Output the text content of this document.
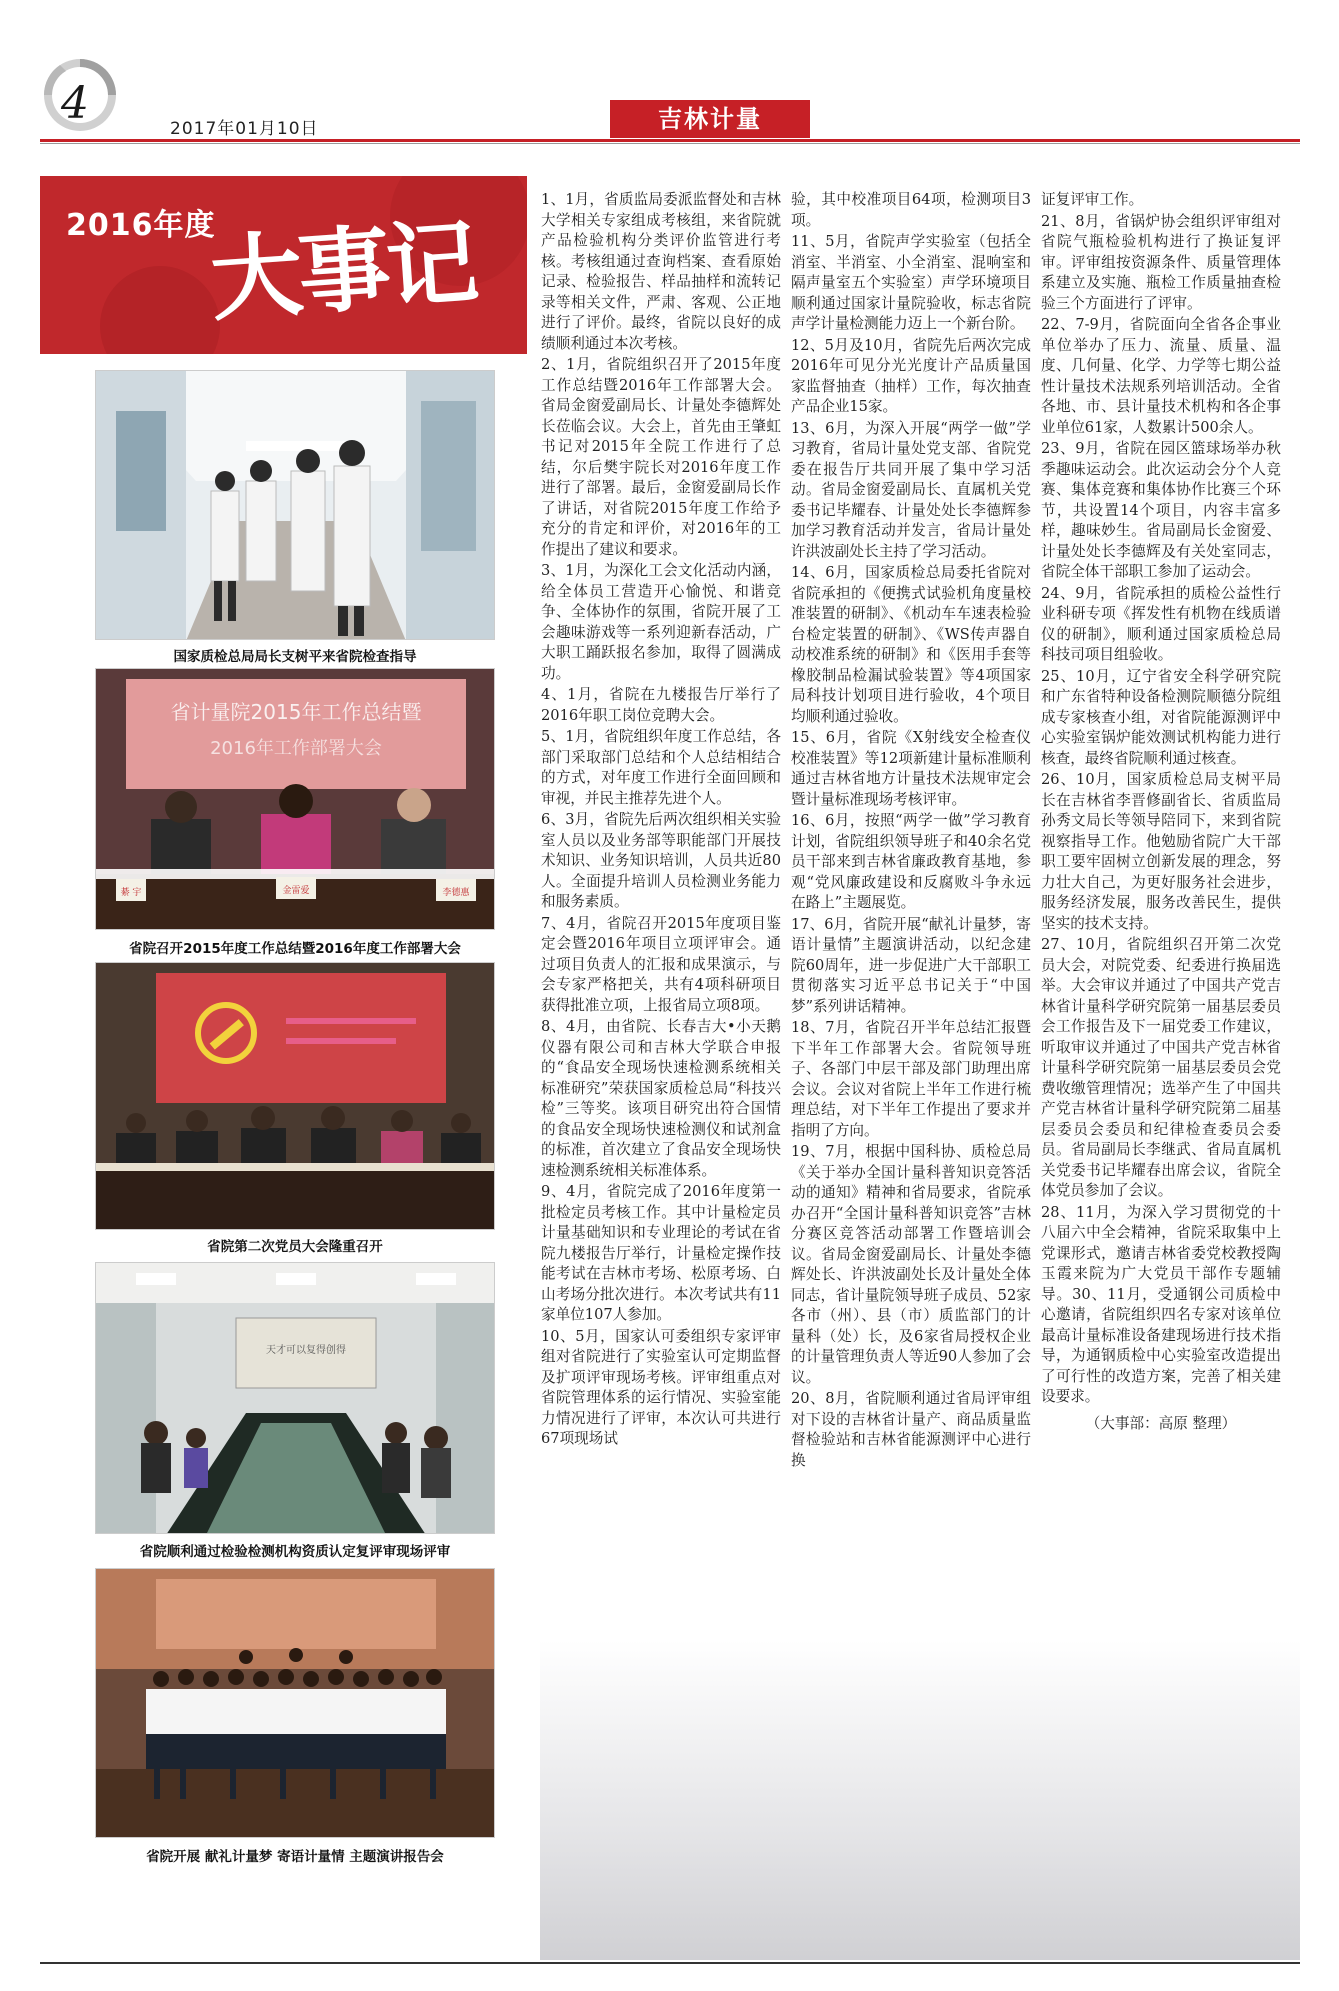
4	2017年01月10日	吉林计量
2016年度
大事记
国家质检总局局长支树平来省院检查指导
省计量院2015年工作总结暨
2016年工作部署大会
綦 宇	金雷爱	李德惠
省院召开2015年度工作总结暨2016年度工作部署大会
省院第二次党员大会隆重召开
天才可以复得创得
省院顺利通过检验检测机构资质认定复评审现场评审
省院开展 献礼计量梦 寄语计量情 主题演讲报告会

1、1月，省质监局委派监督处和吉林大学相关专家组成考核组，来省院就产品检验机构分类评价监管进行考核。考核组通过查询档案、查看原始记录、检验报告、样品抽样和流转记录等相关文件，严肃、客观、公正地进行了评价。最终，省院以良好的成绩顺利通过本次考核。

2、1月，省院组织召开了2015年度工作总结暨2016年工作部署大会。省局金窗爱副局长、计量处李德辉处长莅临会议。大会上，首先由王肇虹书记对2015年全院工作进行了总结，尔后樊宇院长对2016年度工作进行了部署。最后，金窗爱副局长作了讲话，对省院2015年度工作给予充分的肯定和评价，对2016年的工作提出了建议和要求。

3、1月，为深化工会文化活动内涵，给全体员工营造开心愉悦、和谐竞争、全体协作的氛围，省院开展了工会趣味游戏等一系列迎新春活动，广大职工踊跃报名参加，取得了圆满成功。

4、1月，省院在九楼报告厅举行了2016年职工岗位竞聘大会。

5、1月，省院组织年度工作总结，各部门采取部门总结和个人总结相结合的方式，对年度工作进行全面回顾和审视，并民主推荐先进个人。

6、3月，省院先后两次组织相关实验室人员以及业务部等职能部门开展技术知识、业务知识培训，人员共近80人。全面提升培训人员检测业务能力和服务素质。

7、4月，省院召开2015年度项目鉴定会暨2016年项目立项评审会。通过项目负责人的汇报和成果演示，与会专家严格把关，共有4项科研项目获得批准立项，上报省局立项8项。

8、4月，由省院、长春吉大•小天鹅仪器有限公司和吉林大学联合申报的“食品安全现场快速检测系统相关标准研究”荣获国家质检总局“科技兴检”三等奖。该项目研究出符合国情的食品安全现场快速检测仪和试剂盒的标准，首次建立了食品安全现场快速检测系统相关标准体系。

9、4月，省院完成了2016年度第一批检定员考核工作。其中计量检定员计量基础知识和专业理论的考试在省院九楼报告厅举行，计量检定操作技能考试在吉林市考场、松原考场、白山考场分批次进行。本次考试共有11家单位107人参加。

10、5月，国家认可委组织专家评审组对省院进行了实验室认可定期监督及扩项评审现场考核。评审组重点对省院管理体系的运行情况、实验室能力情况进行了评审，本次认可共进行67项现场试

验，其中校准项目64项，检测项目3项。

11、5月，省院声学实验室（包括全消室、半消室、小全消室、混响室和隔声量室五个实验室）声学环境项目顺利通过国家计量院验收，标志省院声学计量检测能力迈上一个新台阶。

12、5月及10月，省院先后两次完成2016年可见分光光度计产品质量国家监督抽查（抽样）工作，每次抽查产品企业15家。

13、6月，为深入开展“两学一做”学习教育，省局计量处党支部、省院党委在报告厅共同开展了集中学习活动。省局金窗爱副局长、直属机关党委书记毕耀春、计量处处长李德辉参加学习教育活动并发言，省局计量处许洪波副处长主持了学习活动。

14、6月，国家质检总局委托省院对省院承担的《便携式试验机角度量校准装置的研制》、《机动车车速表检验台检定装置的研制》、《WS传声器自动校准系统的研制》和《医用手套等橡胶制品检漏试验装置》等4项国家局科技计划项目进行验收，4个项目均顺利通过验收。

15、6月，省院《X射线安全检查仪校准装置》等12项新建计量标准顺利通过吉林省地方计量技术法规审定会暨计量标准现场考核评审。

16、6月，按照“两学一做”学习教育计划，省院组织领导班子和40余名党员干部来到吉林省廉政教育基地，参观“党风廉政建设和反腐败斗争永远在路上”主题展览。

17、6月，省院开展“献礼计量梦，寄语计量情”主题演讲活动，以纪念建院60周年，进一步促进广大干部职工贯彻落实习近平总书记关于“中国梦”系列讲话精神。

18、7月，省院召开半年总结汇报暨下半年工作部署大会。省院领导班子、各部门中层干部及部门助理出席会议。会议对省院上半年工作进行梳理总结，对下半年工作提出了要求并指明了方向。

19、7月，根据中国科协、质检总局《关于举办全国计量科普知识竞答活动的通知》精神和省局要求，省院承办召开“全国计量科普知识竞答”吉林分赛区竞答活动部署工作暨培训会议。省局金窗爱副局长、计量处李德辉处长、许洪波副处长及计量处全体同志，省计量院领导班子成员、52家各市（州）、县（市）质监部门的计量科（处）长，及6家省局授权企业的计量管理负责人等近90人参加了会议。

20、8月，省院顺利通过省局评审组对下设的吉林省计量产、商品质量监督检验站和吉林省能源测评中心进行换

证复评审工作。

21、8月，省锅炉协会组织评审组对省院气瓶检验机构进行了换证复评审。评审组按资源条件、质量管理体系建立及实施、瓶检工作质量抽查检验三个方面进行了评审。

22、7-9月，省院面向全省各企事业单位举办了压力、流量、质量、温度、几何量、化学、力学等七期公益性计量技术法规系列培训活动。全省各地、市、县计量技术机构和各企事业单位61家，人数累计500余人。

23、9月，省院在园区篮球场举办秋季趣味运动会。此次运动会分个人竞赛、集体竞赛和集体协作比赛三个环节，共设置14个项目，内容丰富多样，趣味妙生。省局副局长金窗爱、计量处处长李德辉及有关处室同志，省院全体干部职工参加了运动会。

24、9月，省院承担的质检公益性行业科研专项《挥发性有机物在线质谱仪的研制》，顺利通过国家质检总局科技司项目组验收。

25、10月，辽宁省安全科学研究院和广东省特种设备检测院顺德分院组成专家核查小组，对省院能源测评中心实验室锅炉能效测试机构能力进行核查，最终省院顺利通过核查。

26、10月，国家质检总局支树平局长在吉林省李晋修副省长、省质监局孙秀文局长等领导陪同下，来到省院视察指导工作。他勉励省院广大干部职工要牢固树立创新发展的理念，努力壮大自己，为更好服务社会进步，服务经济发展，服务改善民生，提供坚实的技术支持。

27、10月，省院组织召开第二次党员大会，对院党委、纪委进行换届选举。大会审议并通过了中国共产党吉林省计量科学研究院第一届基层委员会工作报告及下一届党委工作建议，听取审议并通过了中国共产党吉林省计量科学研究院第一届基层委员会党费收缴管理情况；选举产生了中国共产党吉林省计量科学研究院第二届基层委员会委员和纪律检查委员会委员。省局副局长李继武、省局直属机关党委书记毕耀春出席会议，省院全体党员参加了会议。

28、11月，为深入学习贯彻党的十八届六中全会精神，省院采取集中上党课形式，邀请吉林省委党校教授陶玉霞来院为广大党员干部作专题辅导。30、11月，受通钢公司质检中心邀请，省院组织四名专家对该单位最高计量标准设备建现场进行技术指导，为通钢质检中心实验室改造提出了可行性的改造方案，完善了相关建设要求。

（大事部：高原 整理）
